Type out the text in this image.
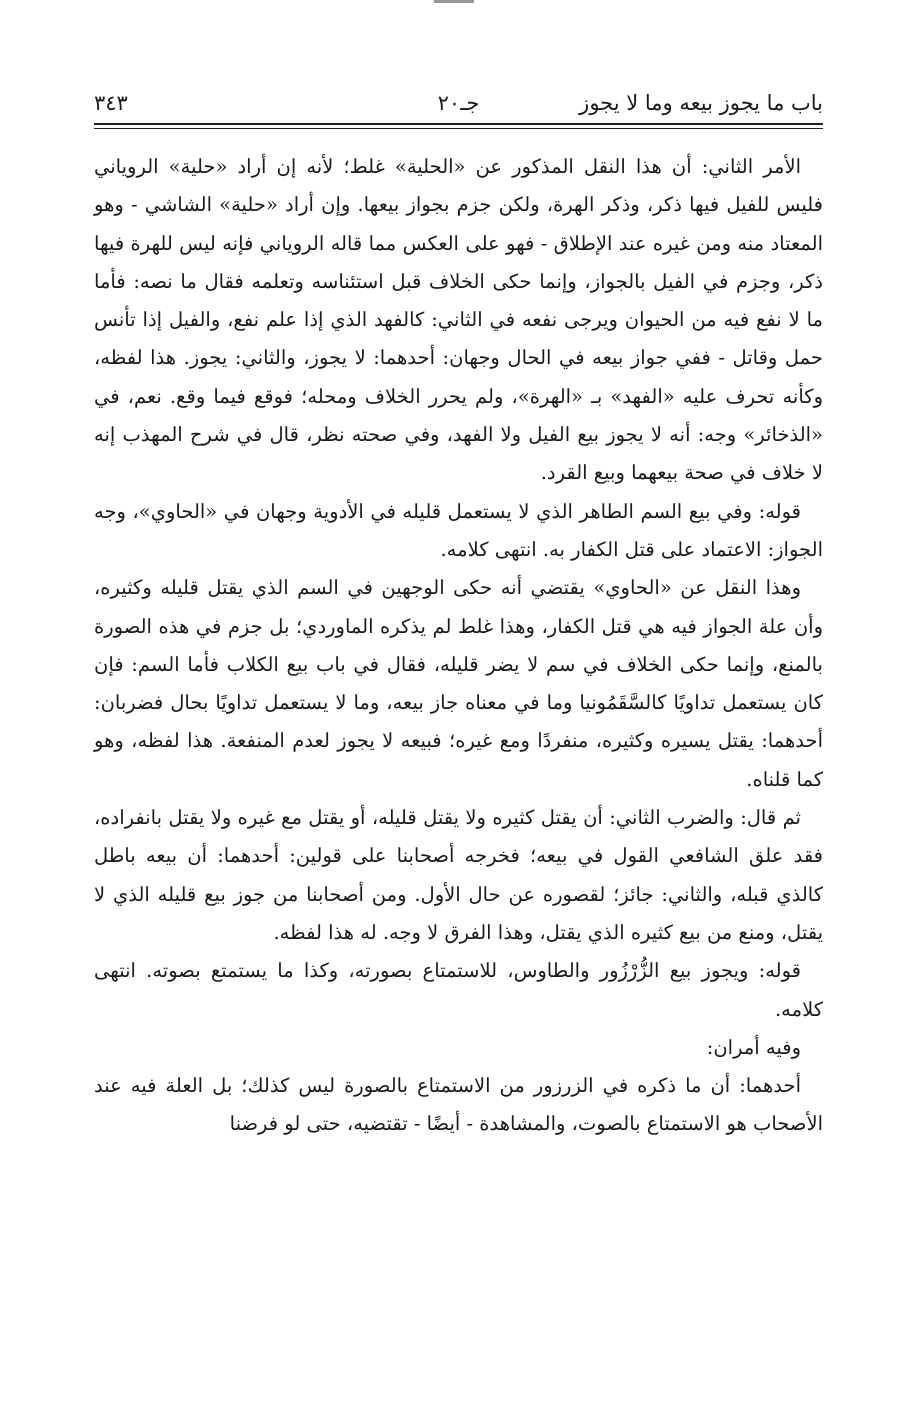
باب ما يجوز بيعه وما لا يجوز
جـ٢٠
٣٤٣

الأمر الثاني: أن هذا النقل المذكور عن «الحلية» غلط؛ لأنه إن أراد «حلية» الروياني فليس للفيل فيها ذكر، وذكر الهرة، ولكن جزم بجواز بيعها. وإن أراد «حلية» الشاشي - وهو المعتاد منه ومن غيره عند الإطلاق - فهو على العكس مما قاله الروياني فإنه ليس للهرة فيها ذكر، وجزم في الفيل بالجواز، وإنما حكى الخلاف قبل استئناسه وتعلمه فقال ما نصه: فأما ما لا نفع فيه من الحيوان ويرجى نفعه في الثاني: كالفهد الذي إذا علم نفع، والفيل إذا تأنس حمل وقاتل - ففي جواز بيعه في الحال وجهان: أحدهما: لا يجوز، والثاني: يجوز. هذا لفظه، وكأنه تحرف عليه «الفهد» بـ «الهرة»، ولم يحرر الخلاف ومحله؛ فوقع فيما وقع. نعم، في «الذخائر» وجه: أنه لا يجوز بيع الفيل ولا الفهد، وفي صحته نظر، قال في شرح المهذب إنه لا خلاف في صحة بيعهما وبيع القرد.

قوله: وفي بيع السم الطاهر الذي لا يستعمل قليله في الأدوية وجهان في «الحاوي»، وجه الجواز: الاعتماد على قتل الكفار به. انتهى كلامه.

وهذا النقل عن «الحاوي» يقتضي أنه حكى الوجهين في السم الذي يقتل قليله وكثيره، وأن علة الجواز فيه هي قتل الكفار، وهذا غلط لم يذكره الماوردي؛ بل جزم في هذه الصورة بالمنع، وإنما حكى الخلاف في سم لا يضر قليله، فقال في باب بيع الكلاب فأما السم: فإن كان يستعمل تداويًا كالسَّقَمُونيا وما في معناه جاز بيعه، وما لا يستعمل تداويًا بحال فضربان: أحدهما: يقتل يسيره وكثيره، منفردًا ومع غيره؛ فبيعه لا يجوز لعدم المنفعة. هذا لفظه، وهو كما قلناه.

ثم قال: والضرب الثاني: أن يقتل كثيره ولا يقتل قليله، أو يقتل مع غيره ولا يقتل بانفراده، فقد علق الشافعي القول في بيعه؛ فخرجه أصحابنا على قولين: أحدهما: أن بيعه باطل كالذي قبله، والثاني: جائز؛ لقصوره عن حال الأول. ومن أصحابنا من جوز بيع قليله الذي لا يقتل، ومنع من بيع كثيره الذي يقتل، وهذا الفرق لا وجه. له هذا لفظه.

قوله: ويجوز بيع الزُّرْزُور والطاوس، للاستمتاع بصورته، وكذا ما يستمتع بصوته. انتهى كلامه.

وفيه أمران:

أحدهما: أن ما ذكره في الزرزور من الاستمتاع بالصورة ليس كذلك؛ بل العلة فيه عند الأصحاب هو الاستمتاع بالصوت، والمشاهدة - أيضًا - تقتضيه، حتى لو فرضنا
